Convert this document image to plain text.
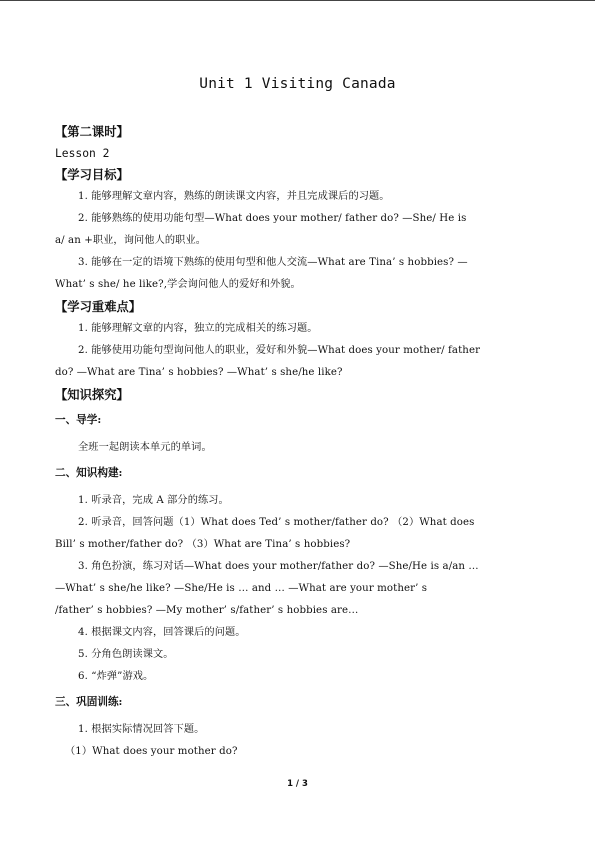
Unit 1 Visiting Canada
【第二课时】
Lesson 2
【学习目标】
1. 能够理解文章内容，熟练的朗读课文内容，并且完成课后的习题。
2. 能够熟练的使用功能句型—What does your mother/ father do? —She/ He is
a/ an +职业，询问他人的职业。
3. 能够在一定的语境下熟练的使用句型和他人交流—What are Tina’ s hobbies? —
What’ s she/ he like?,学会询问他人的爱好和外貌。
【学习重难点】
1. 能够理解文章的内容，独立的完成相关的练习题。
2. 能够使用功能句型询问他人的职业，爱好和外貌—What does your mother/ father
do? —What are Tina’ s hobbies? —What’ s she/he like?
【知识探究】
一、导学:
全班一起朗读本单元的单词。
二、知识构建:
1. 听录音，完成 A 部分的练习。
2. 听录音，回答问题（1）What does Ted’ s mother/father do? （2）What does
Bill’ s mother/father do? （3）What are Tina’ s hobbies?
3. 角色扮演，练习对话—What does your mother/father do? —She/He is a/an …
—What’ s she/he like? —She/He is … and … —What are your mother’ s
/father’ s hobbies? —My mother’ s/father’ s hobbies are…
4. 根据课文内容，回答课后的问题。
5. 分角色朗读课文。
6. “炸弹”游戏。
三、巩固训练:
1. 根据实际情况回答下题。
（1）What does your mother do?
1 / 3
